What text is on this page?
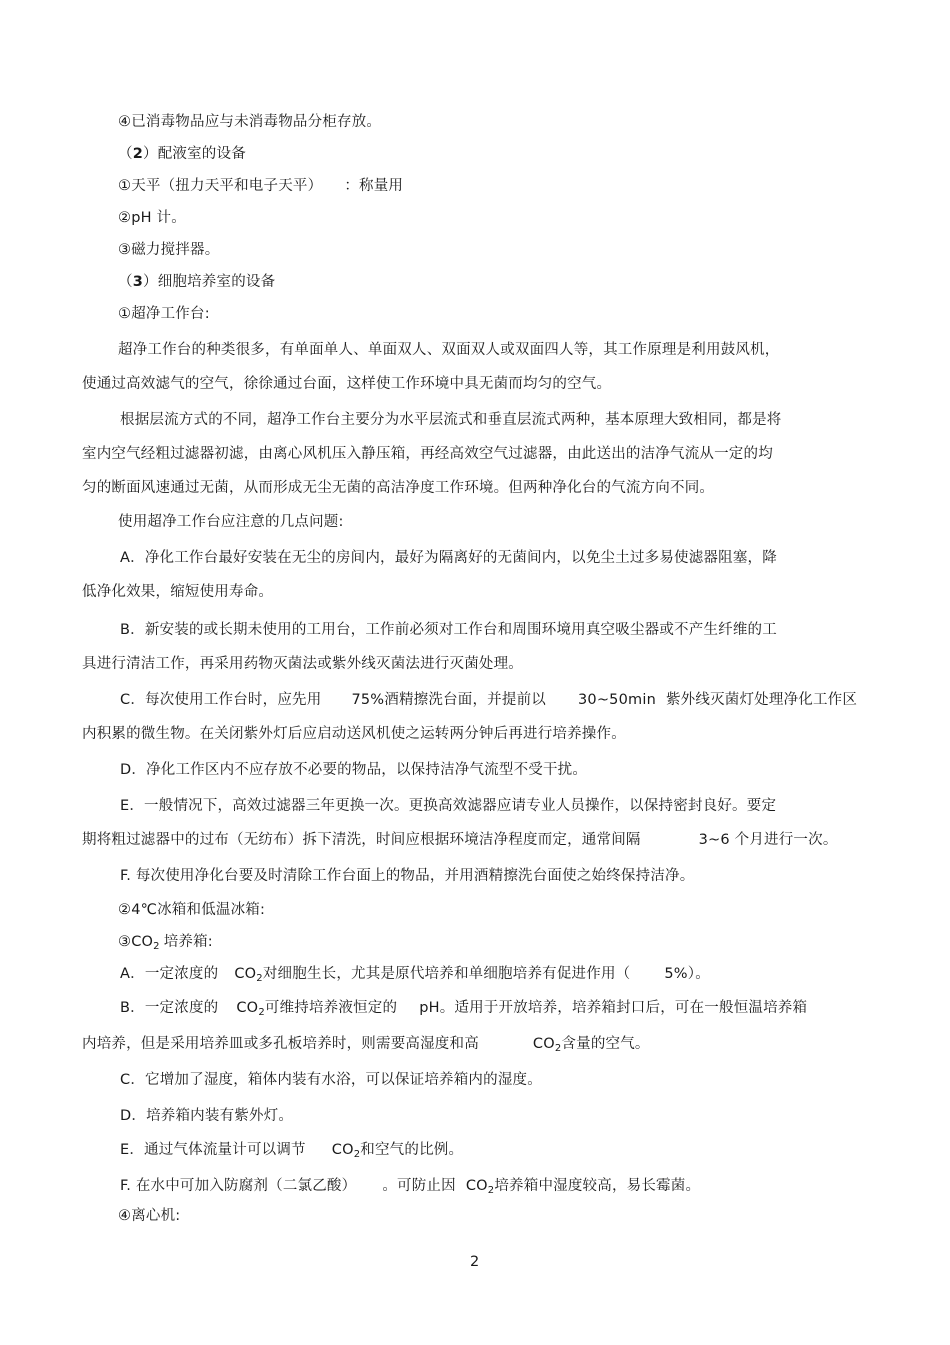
④已消毒物品应与未消毒物品分柜存放。
（2）配液室的设备
①天平（扭力天平和电子天平） ：称量用
②pH 计。
③磁力搅拌器。
（3）细胞培养室的设备
①超净工作台:
超净工作台的种类很多，有单面单人、单面双人、双面双人或双面四人等，其工作原理是利用鼓风机，
使通过高效滤气的空气，徐徐通过台面，这样使工作环境中具无菌而均匀的空气。
根据层流方式的不同，超净工作台主要分为水平层流式和垂直层流式两种，基本原理大致相同，都是将
室内空气经粗过滤器初滤，由离心风机压入静压箱，再经高效空气过滤器，由此送出的洁净气流从一定的均
匀的断面风速通过无菌，从而形成无尘无菌的高洁净度工作环境。但两种净化台的气流方向不同。
使用超净工作台应注意的几点问题:
A．净化工作台最好安装在无尘的房间内，最好为隔离好的无菌间内，以免尘土过多易使滤器阻塞，降
低净化效果，缩短使用寿命。
B．新安装的或长期未使用的工用台，工作前必须对工作台和周围环境用真空吸尘器或不产生纤维的工
具进行清洁工作，再采用药物灭菌法或紫外线灭菌法进行灭菌处理。
C．每次使用工作台时，应先用 75%酒精擦洗台面，并提前以 30~50min 紫外线灭菌灯处理净化工作区
内积累的微生物。在关闭紫外灯后应启动送风机使之运转两分钟后再进行培养操作。
D．净化工作区内不应存放不必要的物品，以保持洁净气流型不受干扰。
E．一般情况下，高效过滤器三年更换一次。更换高效滤器应请专业人员操作，以保持密封良好。要定
期将粗过滤器中的过布（无纺布）拆下清洗，时间应根据环境洁净程度而定，通常间隔	3~6 个月进行一次。
F. 每次使用净化台要及时清除工作台面上的物品，并用酒精擦洗台面使之始终保持洁净。
②4℃冰箱和低温冰箱:
$③CO_2$ 培养箱:
A．一定浓度的 $CO_2$对细胞生长，尤其是原代培养和单细胞培养有促进作用（ 5%）。
B．一定浓度的 $CO_2$可维持培养液恒定的 pH。适用于开放培养，培养箱封口后，可在一般恒温培养箱
内培养，但是采用培养皿或多孔板培养时，则需要高湿度和高	$CO_2$含量的空气。
C．它增加了湿度，箱体内装有水浴，可以保证培养箱内的湿度。
D．培养箱内装有紫外灯。
E．通过气体流量计可以调节 $CO_2$和空气的比例。
F. 在水中可加入防腐剂（二氯乙酸） 。可防止因 $CO_2$培养箱中湿度较高，易长霉菌。
④离心机:
2
